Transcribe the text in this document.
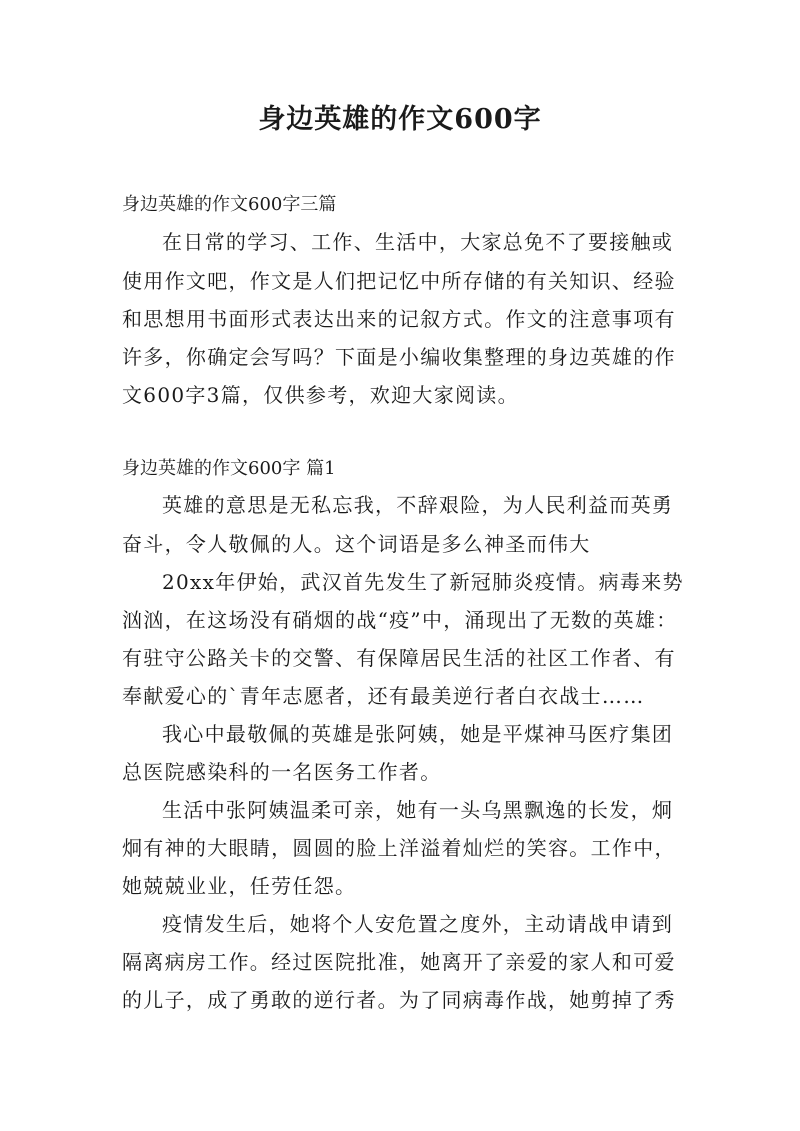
身边英雄的作文600字

身边英雄的作文600字三篇

在日常的学习、工作、生活中，大家总免不了要接触或

使用作文吧，作文是人们把记忆中所存储的有关知识、经验

和思想用书面形式表达出来的记叙方式。作文的注意事项有

许多，你确定会写吗？下面是小编收集整理的身边英雄的作

文600字3篇，仅供参考，欢迎大家阅读。

身边英雄的作文600字 篇1

英雄的意思是无私忘我，不辞艰险，为人民利益而英勇

奋斗，令人敬佩的人。这个词语是多么神圣而伟大

20xx年伊始，武汉首先发生了新冠肺炎疫情。病毒来势

汹汹，在这场没有硝烟的战“疫”中，涌现出了无数的英雄：

有驻守公路关卡的交警、有保障居民生活的社区工作者、有

奉献爱心的`青年志愿者，还有最美逆行者白衣战士……

我心中最敬佩的英雄是张阿姨，她是平煤神马医疗集团

总医院感染科的一名医务工作者。

生活中张阿姨温柔可亲，她有一头乌黑飘逸的长发，炯

炯有神的大眼睛，圆圆的脸上洋溢着灿烂的笑容。工作中，

她兢兢业业，任劳任怨。

疫情发生后，她将个人安危置之度外，主动请战申请到

隔离病房工作。经过医院批准，她离开了亲爱的家人和可爱

的儿子，成了勇敢的逆行者。为了同病毒作战，她剪掉了秀
